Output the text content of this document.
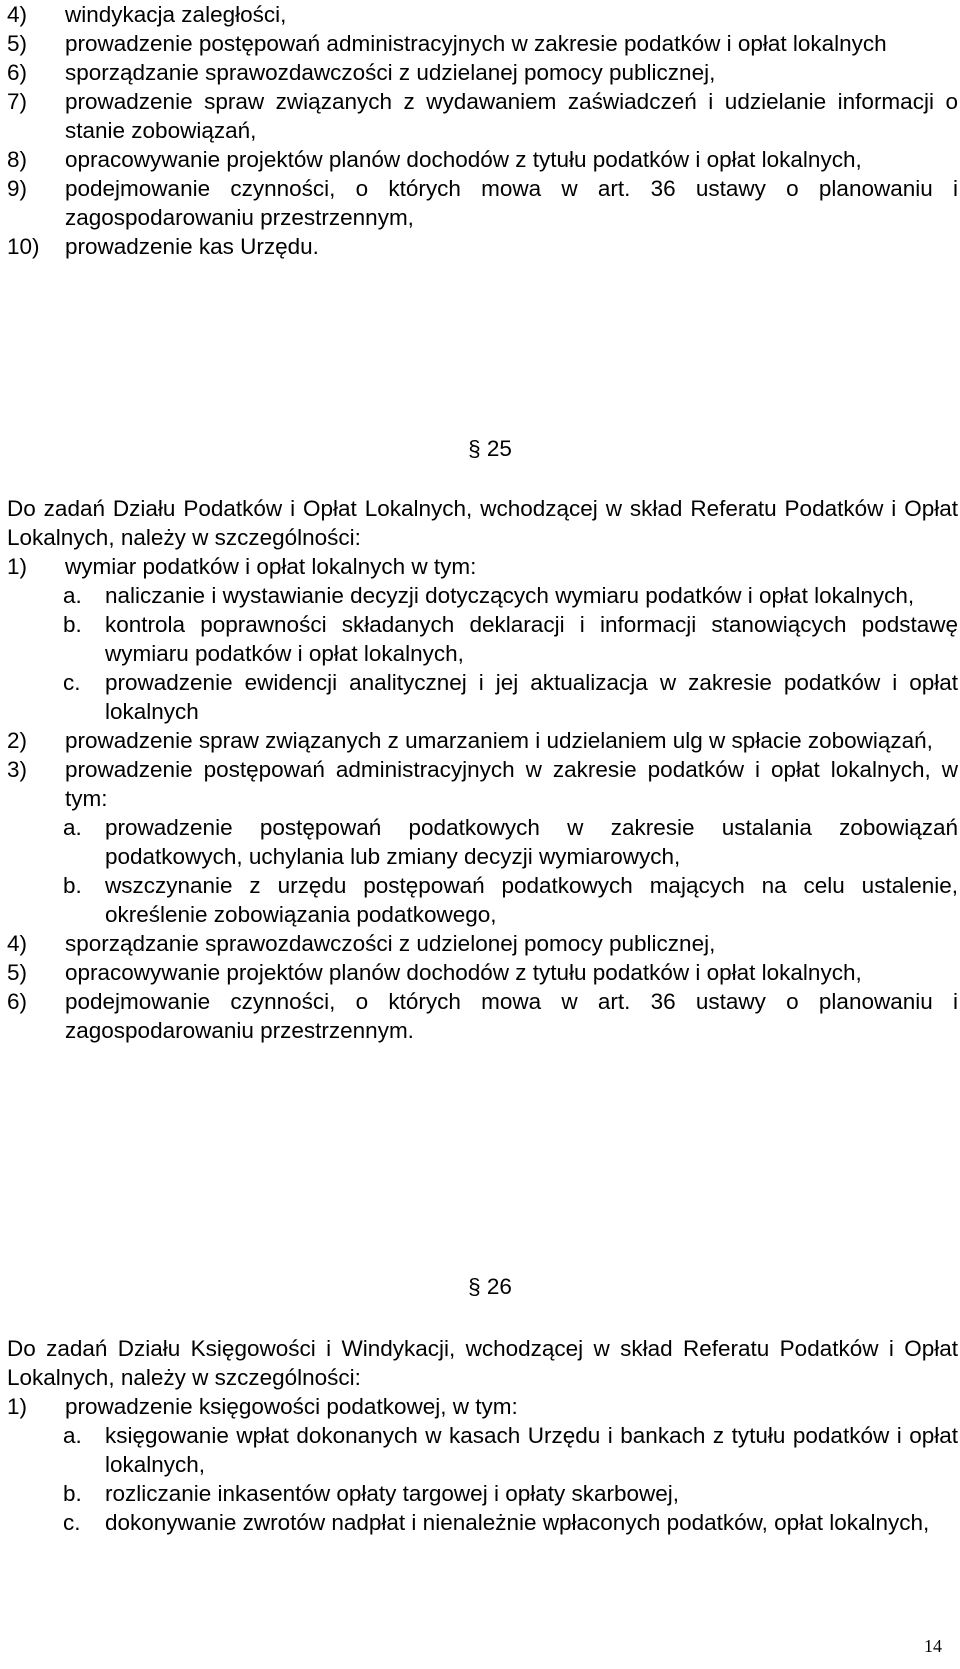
4) windykacja zaległości,
5) prowadzenie postępowań administracyjnych w zakresie podatków i opłat lokalnych
6) sporządzanie sprawozdawczości z udzielanej pomocy publicznej,
7) prowadzenie spraw związanych z wydawaniem zaświadczeń i udzielanie informacji o stanie zobowiązań,
8) opracowywanie projektów planów dochodów z tytułu podatków i opłat lokalnych,
9) podejmowanie czynności, o których mowa w art. 36 ustawy o planowaniu i zagospodarowaniu przestrzennym,
10) prowadzenie kas Urzędu.
§ 25
Do zadań Działu Podatków i Opłat Lokalnych, wchodzącej w skład Referatu Podatków i Opłat Lokalnych, należy w szczególności:
1) wymiar podatków i opłat lokalnych w tym:
a. naliczanie i wystawianie decyzji dotyczących wymiaru podatków i opłat lokalnych,
b. kontrola poprawności składanych deklaracji i informacji stanowiących podstawę wymiaru podatków i opłat lokalnych,
c. prowadzenie ewidencji analitycznej i jej aktualizacja w zakresie podatków i opłat lokalnych
2) prowadzenie spraw związanych z umarzaniem i udzielaniem ulg w spłacie zobowiązań,
3) prowadzenie postępowań administracyjnych w zakresie podatków i opłat lokalnych, w tym:
a. prowadzenie postępowań podatkowych w zakresie ustalania zobowiązań podatkowych, uchylania lub zmiany decyzji wymiarowych,
b. wszczynanie z urzędu postępowań podatkowych mających na celu ustalenie, określenie zobowiązania podatkowego,
4) sporządzanie sprawozdawczości z udzielonej pomocy publicznej,
5) opracowywanie projektów planów dochodów z tytułu podatków i opłat lokalnych,
6) podejmowanie czynności, o których mowa w art. 36 ustawy o planowaniu i zagospodarowaniu przestrzennym.
§ 26
Do zadań Działu Księgowości i Windykacji, wchodzącej w skład Referatu Podatków i Opłat Lokalnych, należy w szczególności:
1) prowadzenie księgowości podatkowej, w tym:
a. księgowanie wpłat dokonanych w kasach Urzędu i bankach z tytułu podatków i opłat lokalnych,
b. rozliczanie inkasentów opłaty targowej i opłaty skarbowej,
c. dokonywanie zwrotów nadpłat i nienależnie wpłaconych podatków, opłat lokalnych,
14
